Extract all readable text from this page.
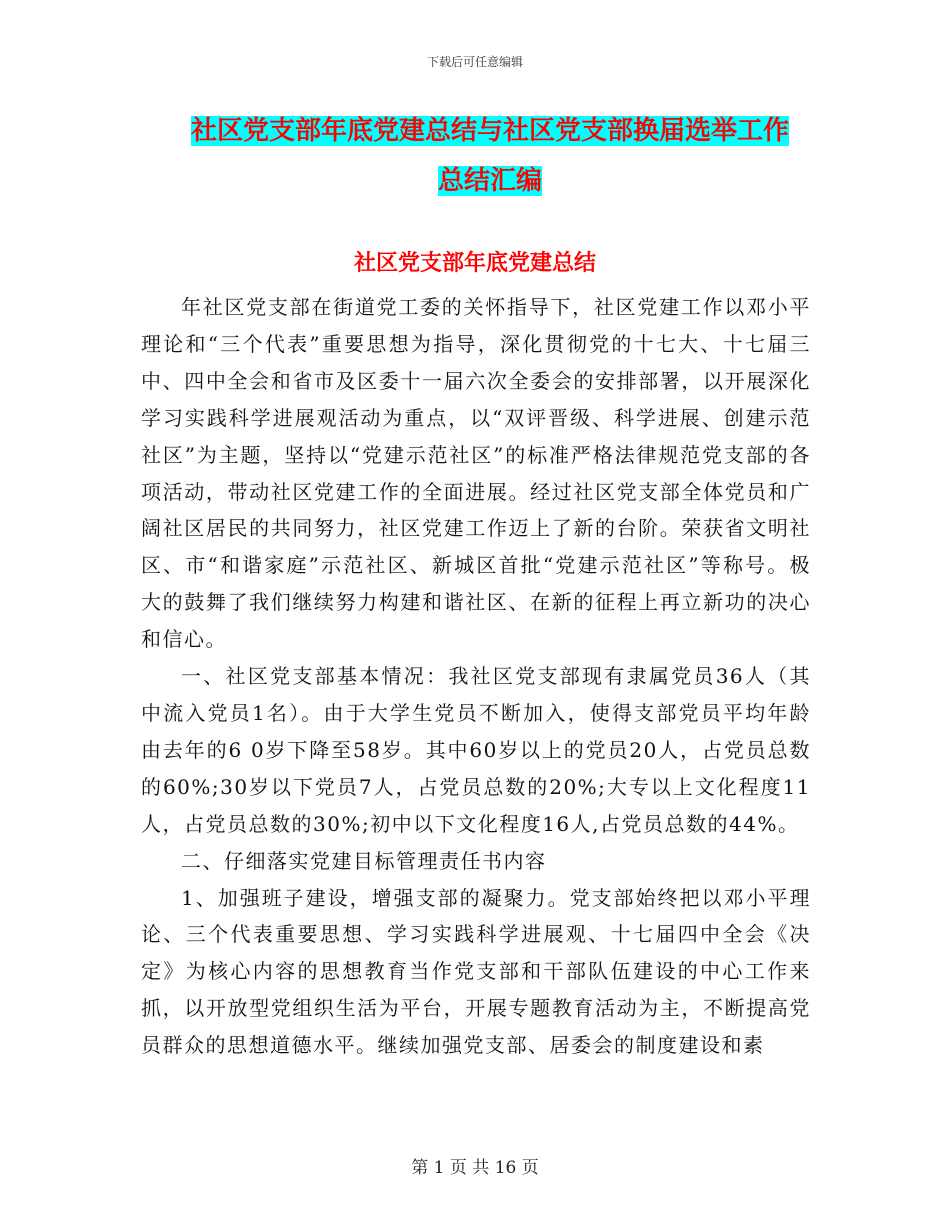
下载后可任意编辑
社区党支部年底党建总结与社区党支部换届选举工作
总结汇编
社区党支部年底党建总结

年社区党支部在街道党工委的关怀指导下，社区党建工作以邓小平理论和“三个代表”重要思想为指导，深化贯彻党的十七大、十七届三中、四中全会和省市及区委十一届六次全委会的安排部署，以开展深化学习实践科学进展观活动为重点，以“双评晋级、科学进展、创建示范社区”为主题，坚持以“党建示范社区”的标准严格法律规范党支部的各项活动，带动社区党建工作的全面进展。经过社区党支部全体党员和广阔社区居民的共同努力，社区党建工作迈上了新的台阶。荣获省文明社区、市“和谐家庭”示范社区、新城区首批“党建示范社区”等称号。极大的鼓舞了我们继续努力构建和谐社区、在新的征程上再立新功的决心和信心。

一、社区党支部基本情况：我社区党支部现有隶属党员36人（其中流入党员1名）。由于大学生党员不断加入，使得支部党员平均年龄由去年的6 0岁下降至58岁。其中60岁以上的党员20人，占党员总数的60%;30岁以下党员7人，占党员总数的20%;大专以上文化程度11人，占党员总数的30%;初中以下文化程度16人,占党员总数的44%。

二、仔细落实党建目标管理责任书内容

1、加强班子建设，增强支部的凝聚力。党支部始终把以邓小平理论、三个代表重要思想、学习实践科学进展观、十七届四中全会《决定》为核心内容的思想教育当作党支部和干部队伍建设的中心工作来抓，以开放型党组织生活为平台，开展专题教育活动为主，不断提高党员群众的思想道德水平。继续加强党支部、居委会的制度建设和素

第 1 页 共 16 页
